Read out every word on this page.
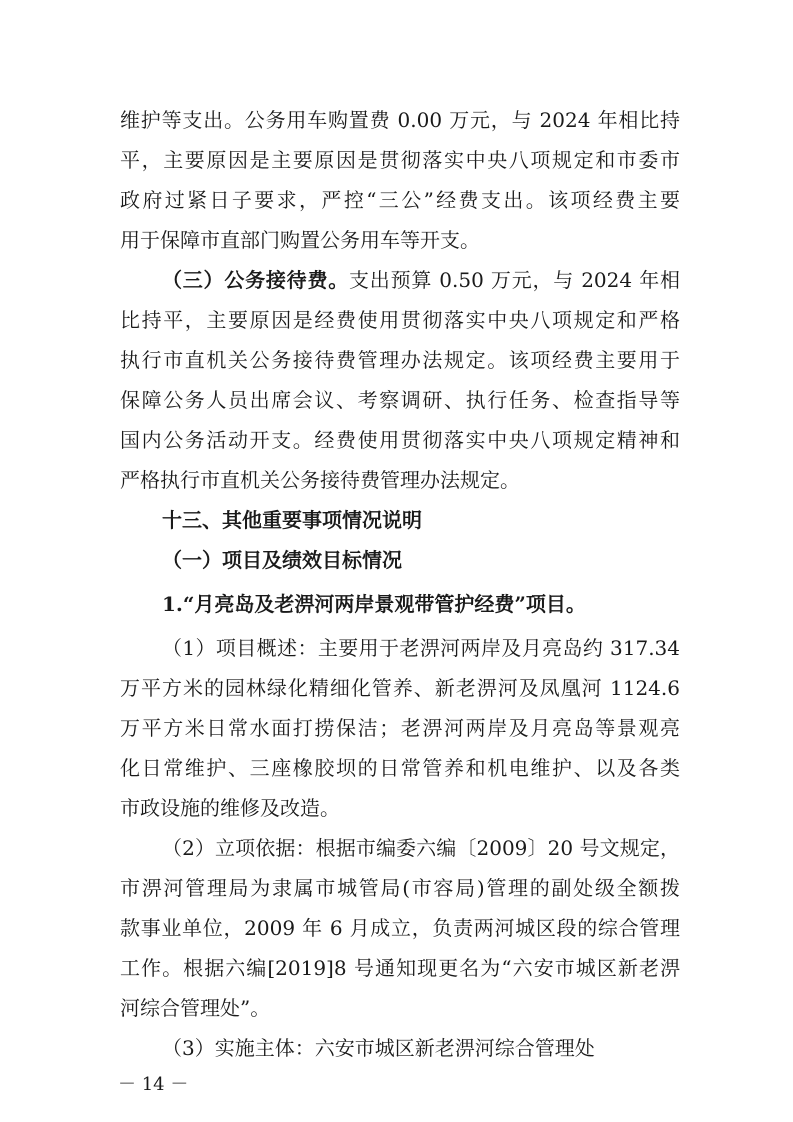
维护等支出。公务用车购置费 0.00 万元，与 2024 年相比持
平，主要原因是主要原因是贯彻落实中央八项规定和市委市
政府过紧日子要求，严控“三公”经费支出。该项经费主要
用于保障市直部门购置公务用车等开支。
（三）公务接待费。支出预算 0.50 万元，与 2024 年相
比持平，主要原因是经费使用贯彻落实中央八项规定和严格
执行市直机关公务接待费管理办法规定。该项经费主要用于
保障公务人员出席会议、考察调研、执行任务、检查指导等
国内公务活动开支。经费使用贯彻落实中央八项规定精神和
严格执行市直机关公务接待费管理办法规定。
十三、其他重要事项情况说明
（一）项目及绩效目标情况
1.“月亮岛及老淠河两岸景观带管护经费”项目。
（1）项目概述：主要用于老淠河两岸及月亮岛约 317.34
万平方米的园林绿化精细化管养、新老淠河及凤凰河 1124.6
万平方米日常水面打捞保洁；老淠河两岸及月亮岛等景观亮
化日常维护、三座橡胶坝的日常管养和机电维护、以及各类
市政设施的维修及改造。
（2）立项依据：根据市编委六编〔2009〕20 号文规定，
市淠河管理局为隶属市城管局(市容局)管理的副处级全额拨
款事业单位，2009 年 6 月成立，负责两河城区段的综合管理
工作。根据六编[2019]8 号通知现更名为“六安市城区新老淠
河综合管理处”。
（3）实施主体：六安市城区新老淠河综合管理处
－ 14 －
